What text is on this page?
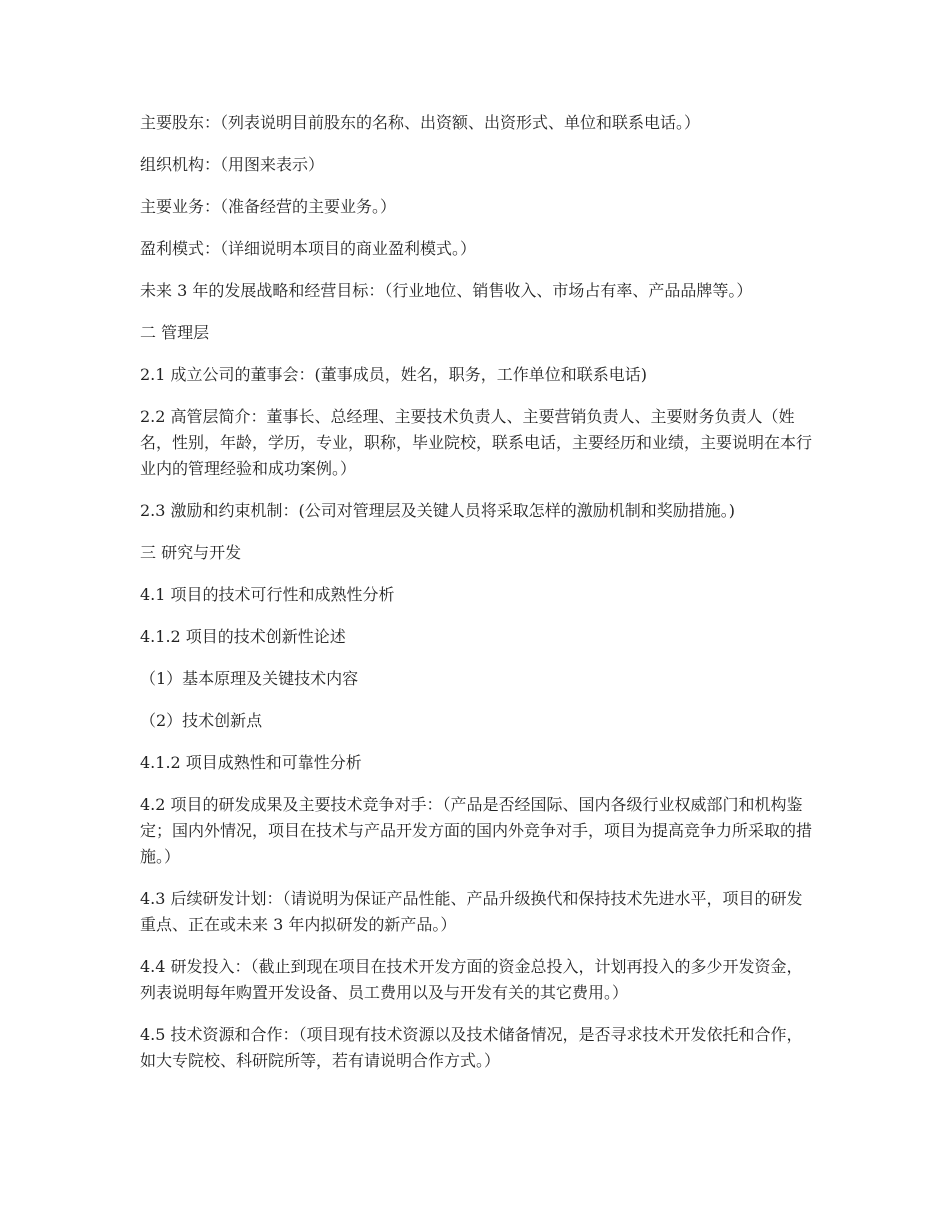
主要股东：（列表说明目前股东的名称、出资额、出资形式、单位和联系电话。）

组织机构：（用图来表示）

主要业务：（准备经营的主要业务。）

盈利模式：（详细说明本项目的商业盈利模式。）

未来 3 年的发展战略和经营目标：（行业地位、销售收入、市场占有率、产品品牌等。）

二 管理层

2.1 成立公司的董事会：(董事成员，姓名，职务，工作单位和联系电话)

2.2 高管层简介：董事长、总经理、主要技术负责人、主要营销负责人、主要财务负责人（姓名，性别，年龄，学历，专业，职称，毕业院校，联系电话，主要经历和业绩，主要说明在本行业内的管理经验和成功案例。）

2.3 激励和约束机制：(公司对管理层及关键人员将采取怎样的激励机制和奖励措施。)

三 研究与开发

4.1 项目的技术可行性和成熟性分析

4.1.2 项目的技术创新性论述

（1）基本原理及关键技术内容

（2）技术创新点

4.1.2 项目成熟性和可靠性分析

4.2 项目的研发成果及主要技术竞争对手：（产品是否经国际、国内各级行业权威部门和机构鉴定；国内外情况，项目在技术与产品开发方面的国内外竞争对手，项目为提高竞争力所采取的措施。）

4.3 后续研发计划：（请说明为保证产品性能、产品升级换代和保持技术先进水平，项目的研发重点、正在或未来 3 年内拟研发的新产品。）

4.4 研发投入：（截止到现在项目在技术开发方面的资金总投入，计划再投入的多少开发资金，列表说明每年购置开发设备、员工费用以及与开发有关的其它费用。）

4.5 技术资源和合作：（项目现有技术资源以及技术储备情况，是否寻求技术开发依托和合作，如大专院校、科研院所等，若有请说明合作方式。）
